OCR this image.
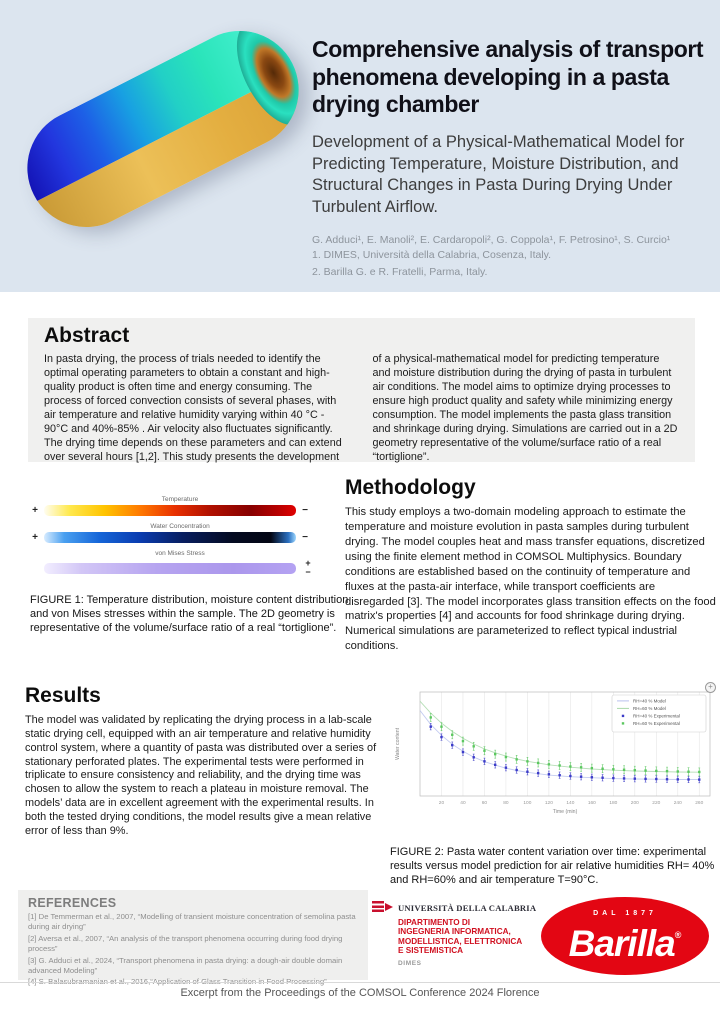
Comprehensive analysis of transport phenomena developing in a pasta drying chamber

Development of a Physical-Mathematical Model for Predicting Temperature, Moisture Distribution, and Structural Changes in Pasta During Drying Under Turbulent Airflow.

G. Adduci¹, E. Manoli², E. Cardaropoli², G. Coppola¹, F. Petrosino¹, S. Curcio¹

1. DIMES, Università della Calabria, Cosenza, Italy.

2. Barilla G. e R. Fratelli, Parma, Italy.

Abstract

In pasta drying, the process of trials needed to identify the optimal operating parameters to obtain a constant and high-quality product is often time and energy consuming. The process of forced convection consists of several phases, with air temperature and relative humidity varying within 40 °C - 90°C and 40%-85% . Air velocity also fluctuates significantly. The drying time depends on these parameters and can extend over several hours [1,2]. This study presents the development

of a physical-mathematical model for predicting temperature and moisture distribution during the drying of pasta in turbulent air conditions. The model aims to optimize drying processes to ensure high product quality and safety while minimizing energy consumption. The model implements the pasta glass transition and shrinkage during drying. Simulations are carried out in a 2D geometry representative of the volume/surface ratio of a real “tortiglione”.

Temperature
+	−
Water Concentration
+	−
von Mises Stress
+
−
FIGURE 1: Temperature distribution, moisture content distribution and von Mises stresses within the sample. The 2D geometry is representative of the volume/surface ratio of a real “tortiglione”.
Methodology

This study employs a two-domain modeling approach to estimate the temperature and moisture evolution in pasta samples during turbulent drying. The model couples heat and mass transfer equations, discretized using the finite element method in COMSOL Multiphysics. Boundary conditions are established based on the continuity of temperature and fluxes at the pasta-air interface, while transport coefficients are disregarded [3]. The model incorporates glass transition effects on the food matrix's properties [4] and accounts for food shrinkage during drying. Numerical simulations are parameterized to reflect typical industrial conditions.

Results

The model was validated by replicating the drying process in a lab-scale static drying cell, equipped with an air temperature and relative humidity control system, where a quantity of pasta was distributed over a series of stationary perforated plates. The experimental tests were performed in triplicate to ensure consistency and reliability, and the drying time was chosen to allow the system to reach a plateau in moisture removal. The models’ data are in excellent agreement with the experimental results. In both the tested drying conditions, the model results give a mean relative error of less than 9%.

+
20	40	60	80	100	120	140	160	180	200	220	240	260
Time (min)
Water content
RH=40 % Model
RH=60 % Model
RH=40 % Experimental
RH=60 % Experimental
FIGURE 2: Pasta water content variation over time: experimental results versus model prediction for air relative humidities RH= 40% and RH=60% and air temperature T=90°C.
REFERENCES
[1] De Temmerman et al., 2007, “Modelling of transient moisture concentration of semolina pasta during air drying”
[2] Aversa et al., 2007, “An analysis of the transport phenomena occurring during food drying process”
[3] G. Adduci et al., 2024, “Transport phenomena in pasta drying: a dough-air double domain advanced Modeling”
[4] S. Balasubramanian et al., 2016,“Application of Glass Transition in Food Processing”
UNIVERSITÀ DELLA CALABRIA
DIPARTIMENTO DI
INGEGNERIA INFORMATICA,
MODELLISTICA, ELETTRONICA
E SISTEMISTICA
DIMES
DAL 1877
Barilla®
Excerpt from the Proceedings of the COMSOL Conference 2024 Florence
